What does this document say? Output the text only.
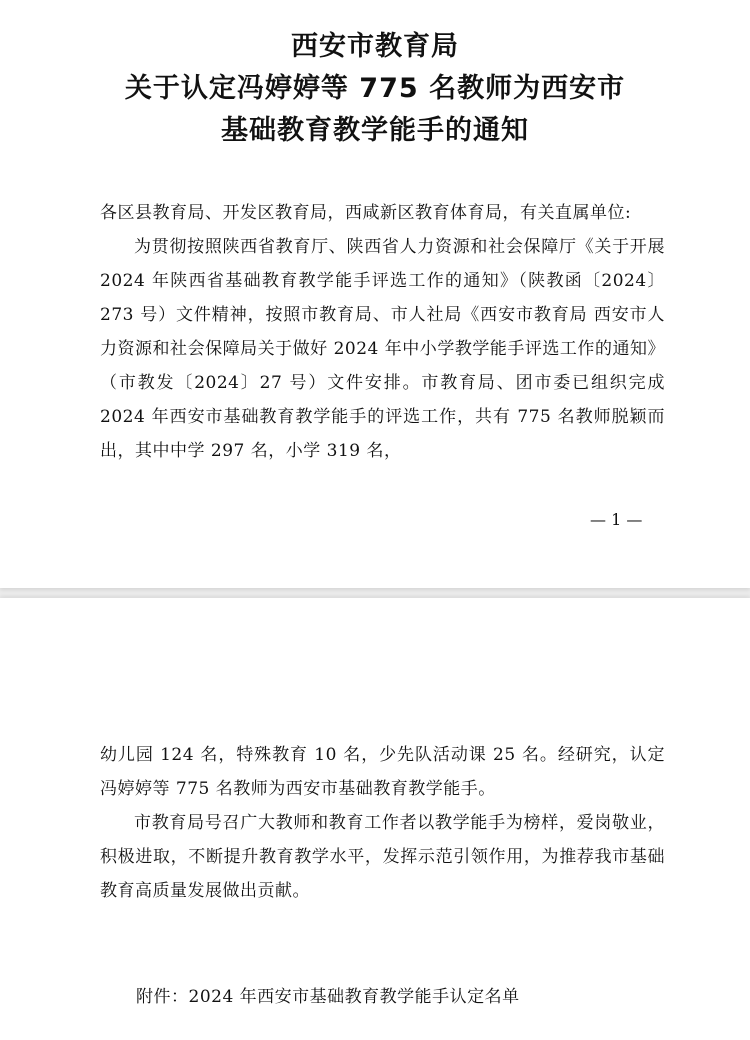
西安市教育局
关于认定冯婷婷等 775 名教师为西安市
基础教育教学能手的通知
各区县教育局、开发区教育局，西咸新区教育体育局，有关直属单位:
为贯彻按照陕西省教育厅、陕西省人力资源和社会保障厅《关于开展 2024 年陕西省基础教育教学能手评选工作的通知》（陕教函〔2024〕273 号）文件精神，按照市教育局、市人社局《西安市教育局 西安市人力资源和社会保障局关于做好 2024 年中小学教学能手评选工作的通知》（市教发〔2024〕27 号）文件安排。市教育局、团市委已组织完成 2024 年西安市基础教育教学能手的评选工作，共有 775 名教师脱颖而出，其中中学 297 名，小学 319 名，
— 1 —
幼儿园 124 名，特殊教育 10 名，少先队活动课 25 名。经研究，认定冯婷婷等 775 名教师为西安市基础教育教学能手。
市教育局号召广大教师和教育工作者以教学能手为榜样，爱岗敬业，积极进取，不断提升教育教学水平，发挥示范引领作用，为推荐我市基础教育高质量发展做出贡献。
附件：2024 年西安市基础教育教学能手认定名单
